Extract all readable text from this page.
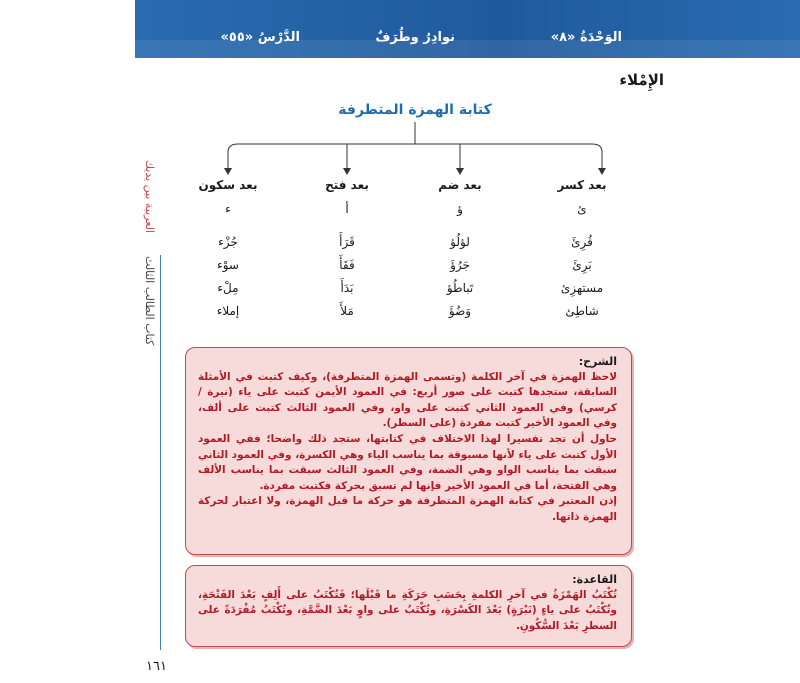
الوَحْدَةُ «٨»
نوادِرُ وطُرَفٌ
الدَّرْسُ «٥٥»
العربية بين يديك
كتاب الطالب الثالث
الإِمْلاء
كتابة الهمزة المتطرفة
بعد كسر
ئ
قُرِئَ
بَرِئَ
مستهزِئ
شاطِئ
بعد ضم
ؤ
لؤلُؤ
جَرُؤَ
تَباطُؤ
وَضُؤَ
بعد فتح
أ
قَرَأَ
فَقَأَ
بَدَأَ
مَلأَ
بعد سكون
ء
جُزْء
سوْء
مِلْء
إملاء

الشرح:

لاحظ الهمزة في آخر الكلمة (وتسمى الهمزة المتطرفة)، وكيف كتبت في الأمثلة السابقة، ستجدها كتبت على صور أربع: في العمود الأيمن كتبت على ياء (نبرة / كرسي) وفي العمود الثاني كتبت على واو، وفي العمود الثالث كتبت على ألف، وفي العمود الأخير كتبت مفردة (على السطر).

حاول أن تجد تفسيرا لهذا الاختلاف في كتابتها، ستجد ذلك واضحا؛ ففي العمود الأول كتبت على ياء لأنها مسبوقة بما يناسب الياء وهي الكسرة، وفي العمود الثاني سبقت بما يناسب الواو وهي الضمة، وفي العمود الثالث سبقت بما يناسب الألف وهي الفتحة، أما في العمود الأخير فإنها لم تسبق بحركة فكتبت مفردة.

إذن المعتبر في كتابة الهمزة المتطرفة هو حركة ما قبل الهمزة، ولا اعتبار لحركة الهمزة ذاتها.

القاعدة:

تُكْتَبُ الهَمْزَةُ في آخرِ الكلمةِ بِحَسَبِ حَرَكَةِ ما قَبْلَها؛ فَتُكْتَبُ على أَلِفٍ بَعْدَ الفَتْحَةِ، وتُكْتَبُ على ياءٍ (نَبْرَةٍ) بَعْدَ الكَسْرَةِ، وتُكْتَبُ على واوٍ بَعْدَ الضَّمَّةِ، وتُكْتَبُ مُفْرَدَةً على السطرِ بَعْدَ السُّكُونِ.

١٦١
